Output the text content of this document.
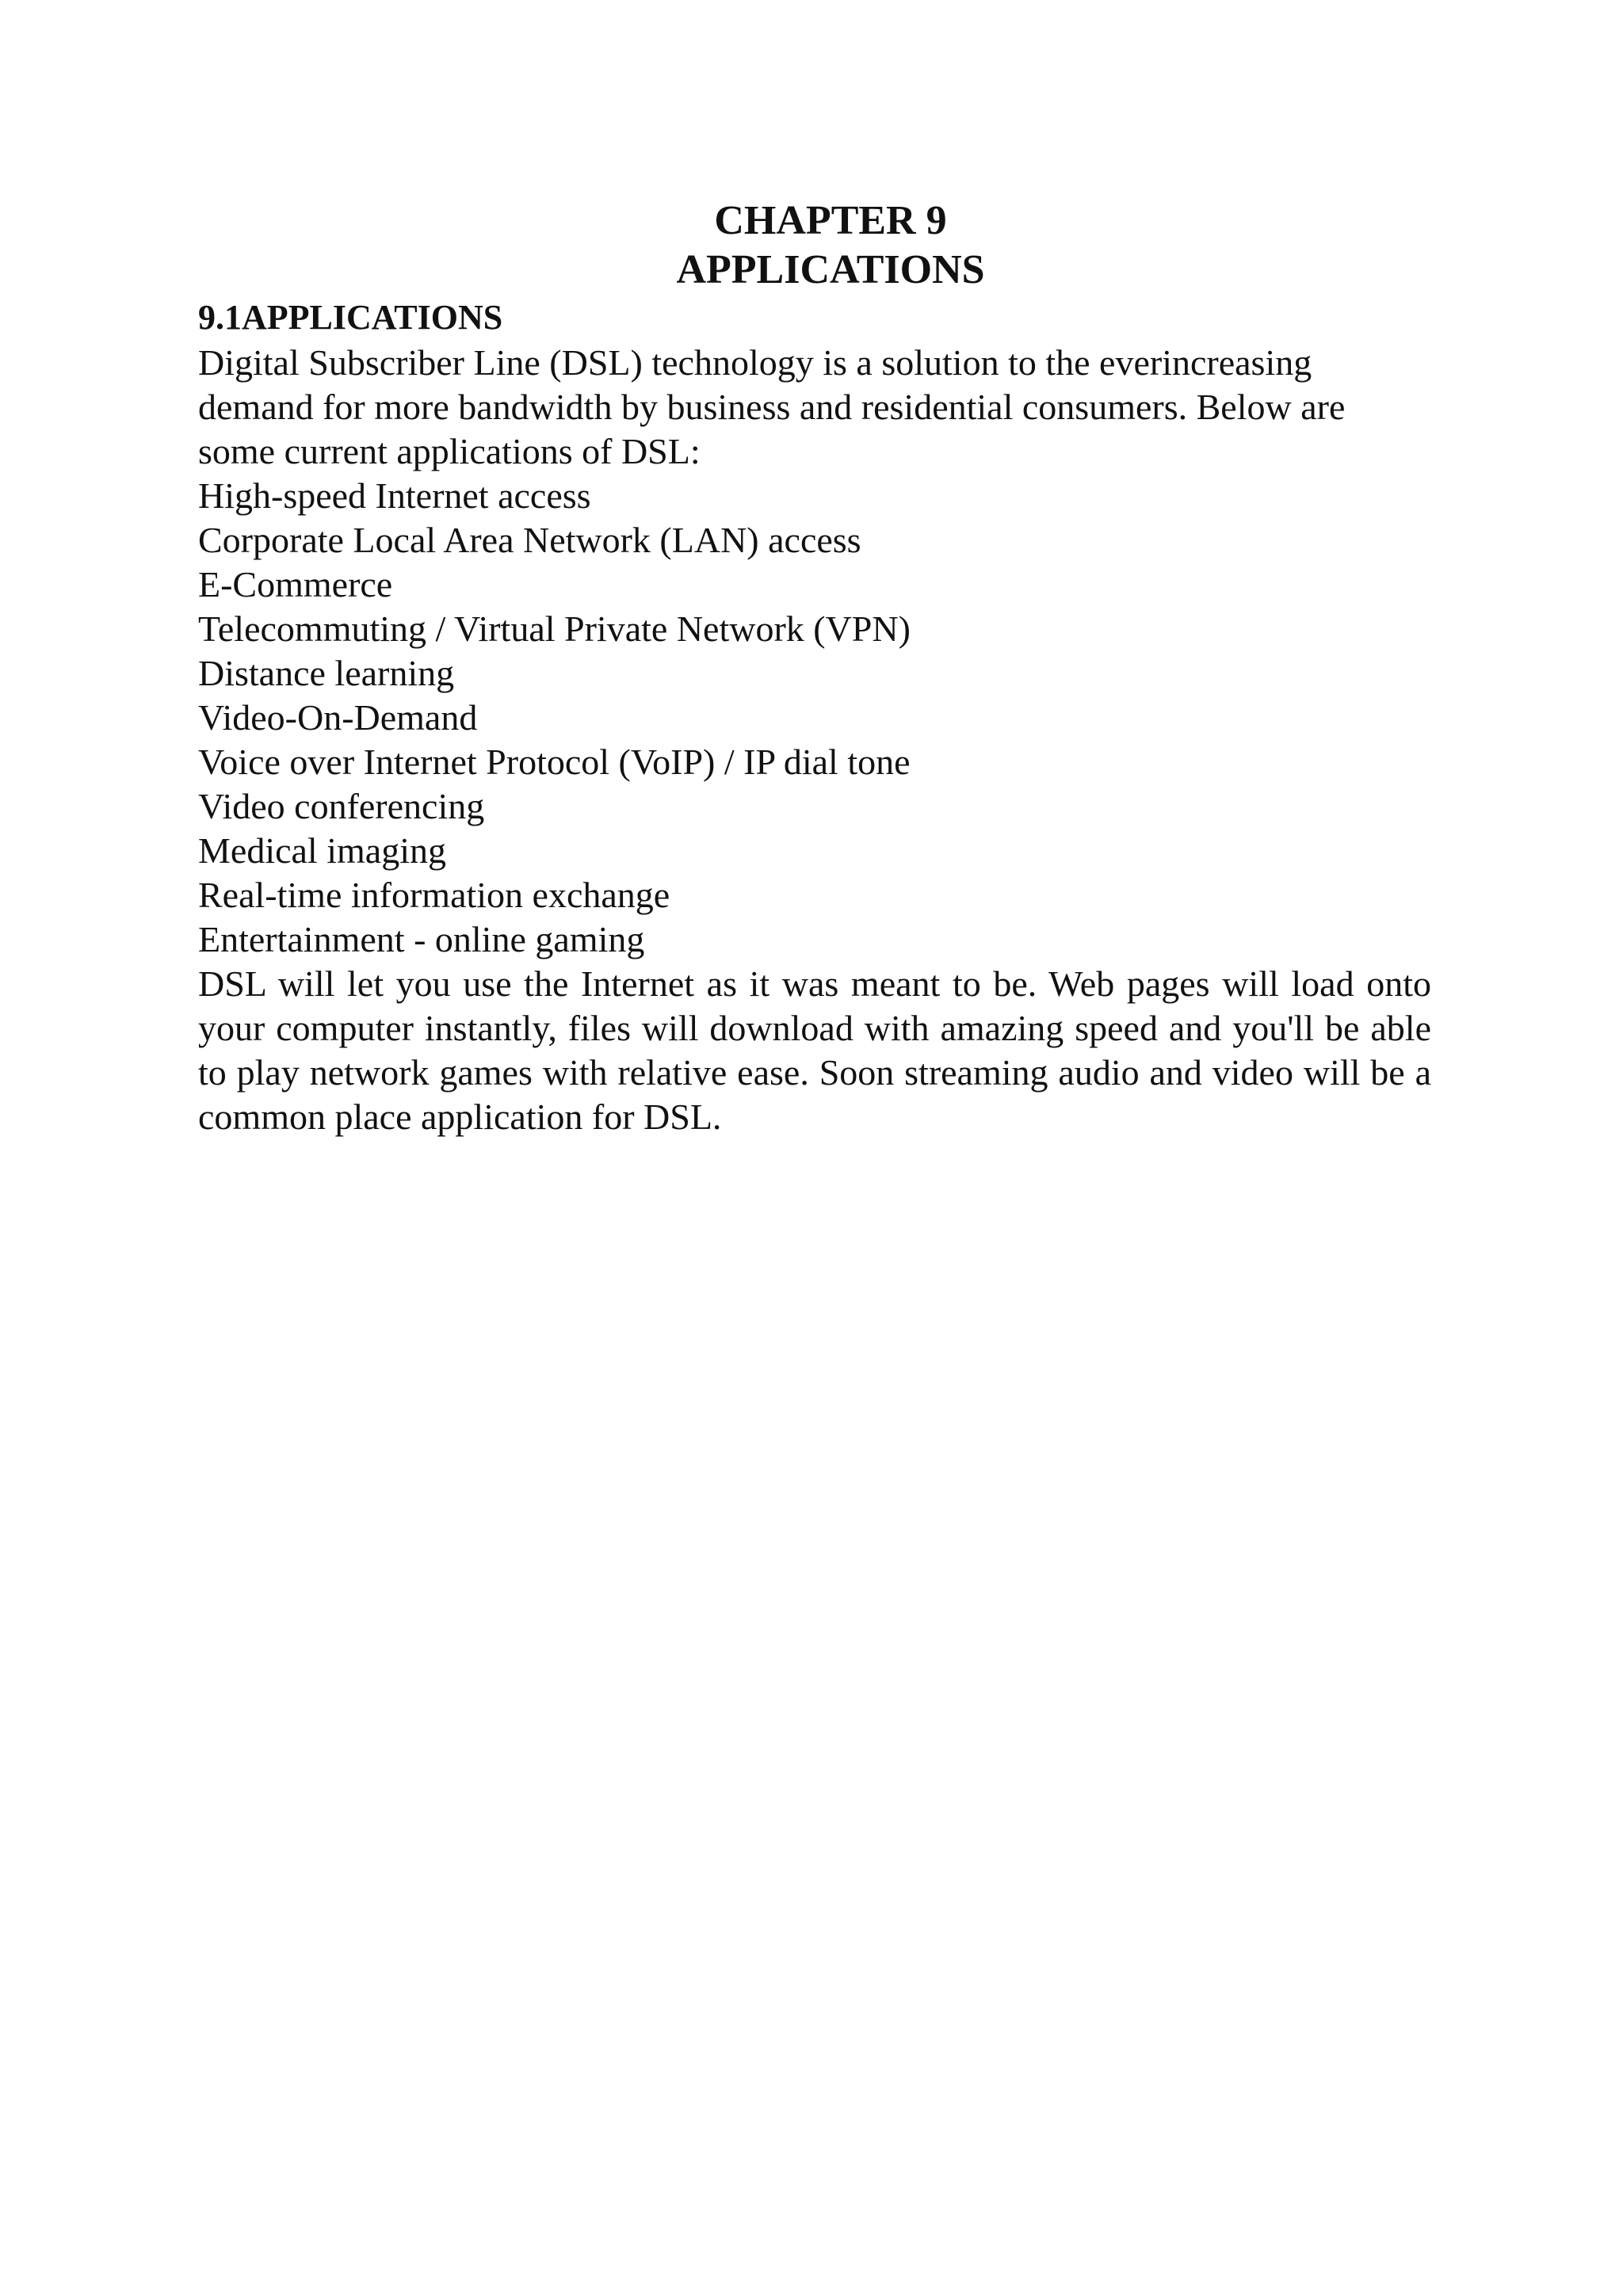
CHAPTER 9
APPLICATIONS
9.1APPLICATIONS

Digital Subscriber Line (DSL) technology is a solution to the everincreasing

demand for more bandwidth by business and residential consumers. Below are

some current applications of DSL:

High-speed Internet access
Corporate Local Area Network (LAN) access
E-Commerce
Telecommuting / Virtual Private Network (VPN)
Distance learning
Video-On-Demand
Voice over Internet Protocol (VoIP) / IP dial tone
Video conferencing
Medical imaging
Real-time information exchange
Entertainment - online gaming

DSL will let you use the Internet as it was meant to be. Web pages will load onto your computer instantly, files will download with amazing speed and you'll be able to play network games with relative ease. Soon streaming audio and video will be a common place application for DSL.
